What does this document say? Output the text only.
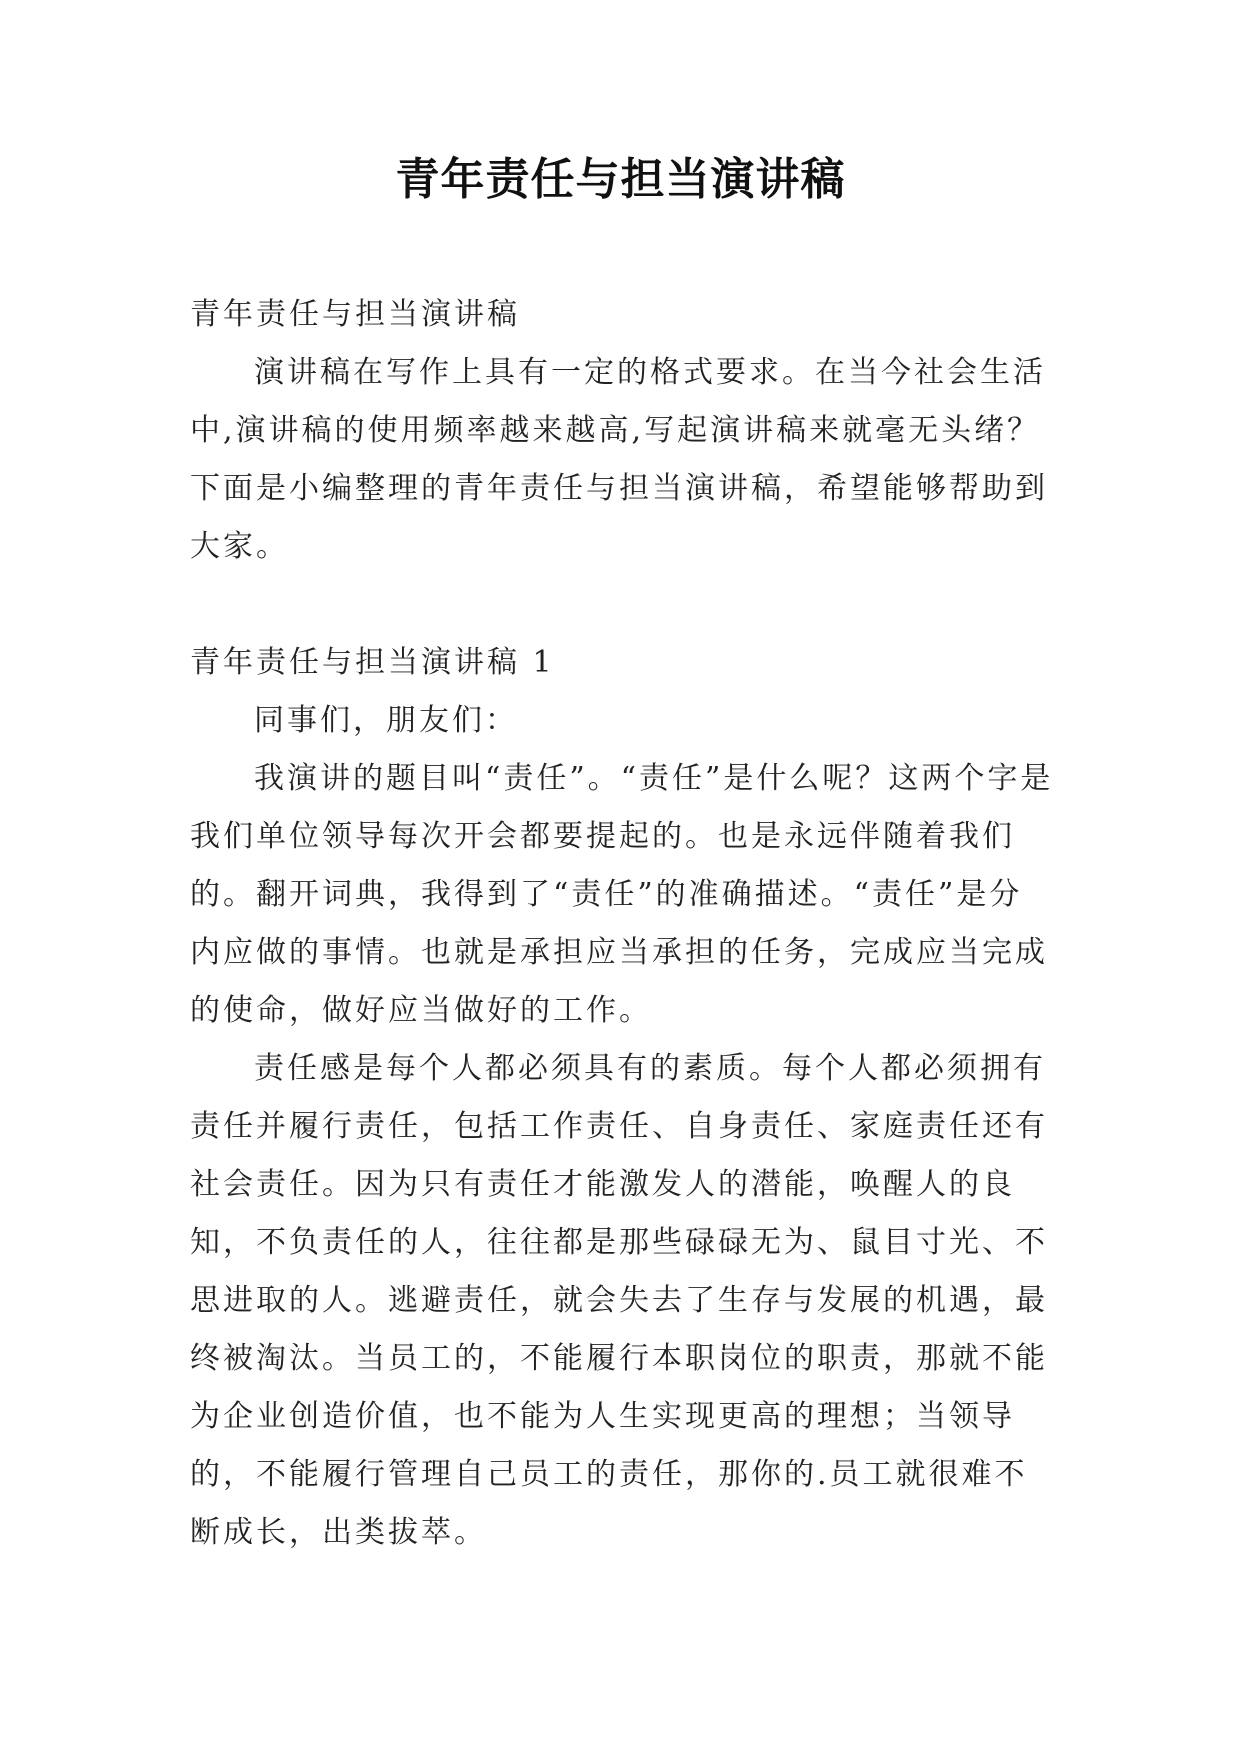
青年责任与担当演讲稿

青年责任与担当演讲稿

演讲稿在写作上具有一定的格式要求。在当今社会生活中,演讲稿的使用频率越来越高,写起演讲稿来就毫无头绪？下面是小编整理的青年责任与担当演讲稿，希望能够帮助到大家。

青年责任与担当演讲稿 1

同事们，朋友们：

我演讲的题目叫“责任”。“责任”是什么呢？这两个字是我们单位领导每次开会都要提起的。也是永远伴随着我们的。翻开词典，我得到了“责任”的准确描述。“责任”是分内应做的事情。也就是承担应当承担的任务，完成应当完成的使命，做好应当做好的工作。

责任感是每个人都必须具有的素质。每个人都必须拥有责任并履行责任，包括工作责任、自身责任、家庭责任还有社会责任。因为只有责任才能激发人的潜能，唤醒人的良知，不负责任的人，往往都是那些碌碌无为、鼠目寸光、不思进取的人。逃避责任，就会失去了生存与发展的机遇，最终被淘汰。当员工的，不能履行本职岗位的职责，那就不能为企业创造价值，也不能为人生实现更高的理想；当领导的，不能履行管理自己员工的责任，那你的.员工就很难不断成长，出类拔萃。
